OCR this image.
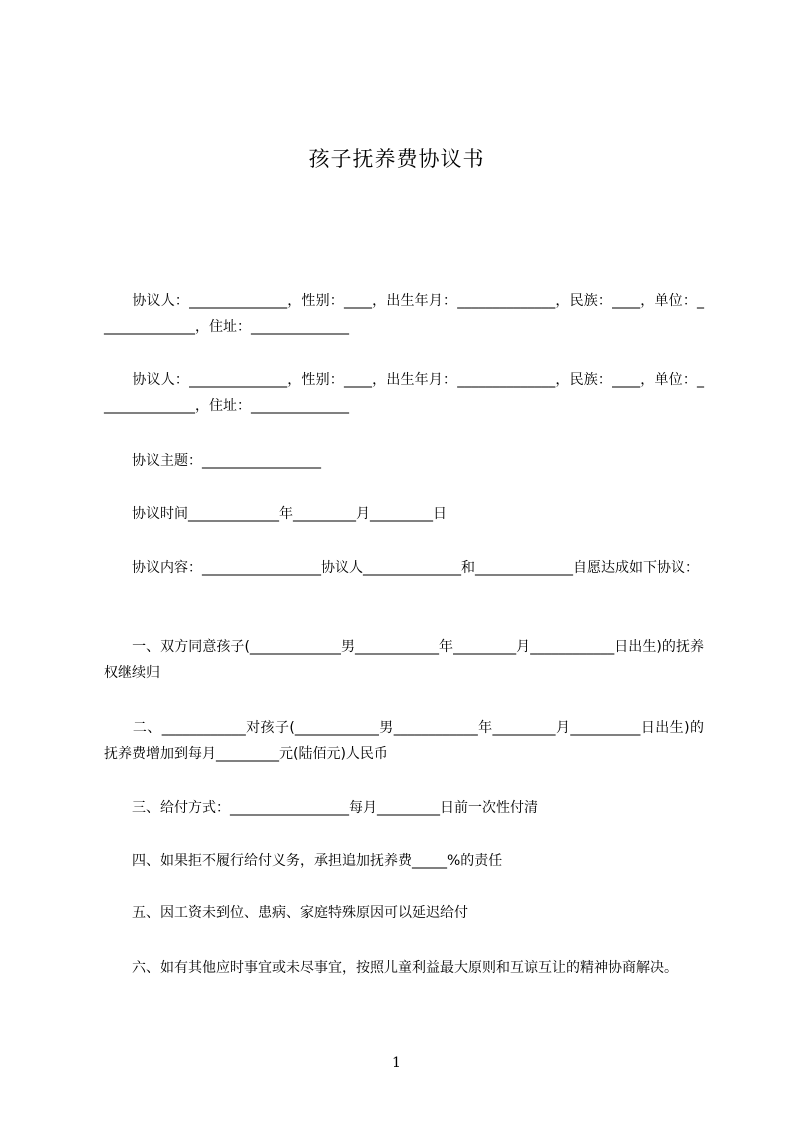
孩子抚养费协议书
　　协议人：______________，性别：____，出生年月：______________，民族：____，单位：______________，住址：______________
　　协议人：______________，性别：____，出生年月：______________，民族：____，单位：______________，住址：______________
　　协议主题：_________________
　　协议时间_____________年_________月_________日
　　协议内容：_________________协议人______________和______________自愿达成如下协议：
　　一、双方同意孩子(_____________男____________年_________月____________日出生)的抚养权继续归
　　二、____________对孩子(____________男____________年_________月__________日出生)的抚养费增加到每月_________元(陆佰元)人民币
　　三、给付方式：_________________每月_________日前一次性付清
　　四、如果拒不履行给付义务，承担追加抚养费_____%的责任
　　五、因工资未到位、患病、家庭特殊原因可以延迟给付
　　六、如有其他应时事宜或未尽事宜，按照儿童利益最大原则和互谅互让的精神协商解决。
1
